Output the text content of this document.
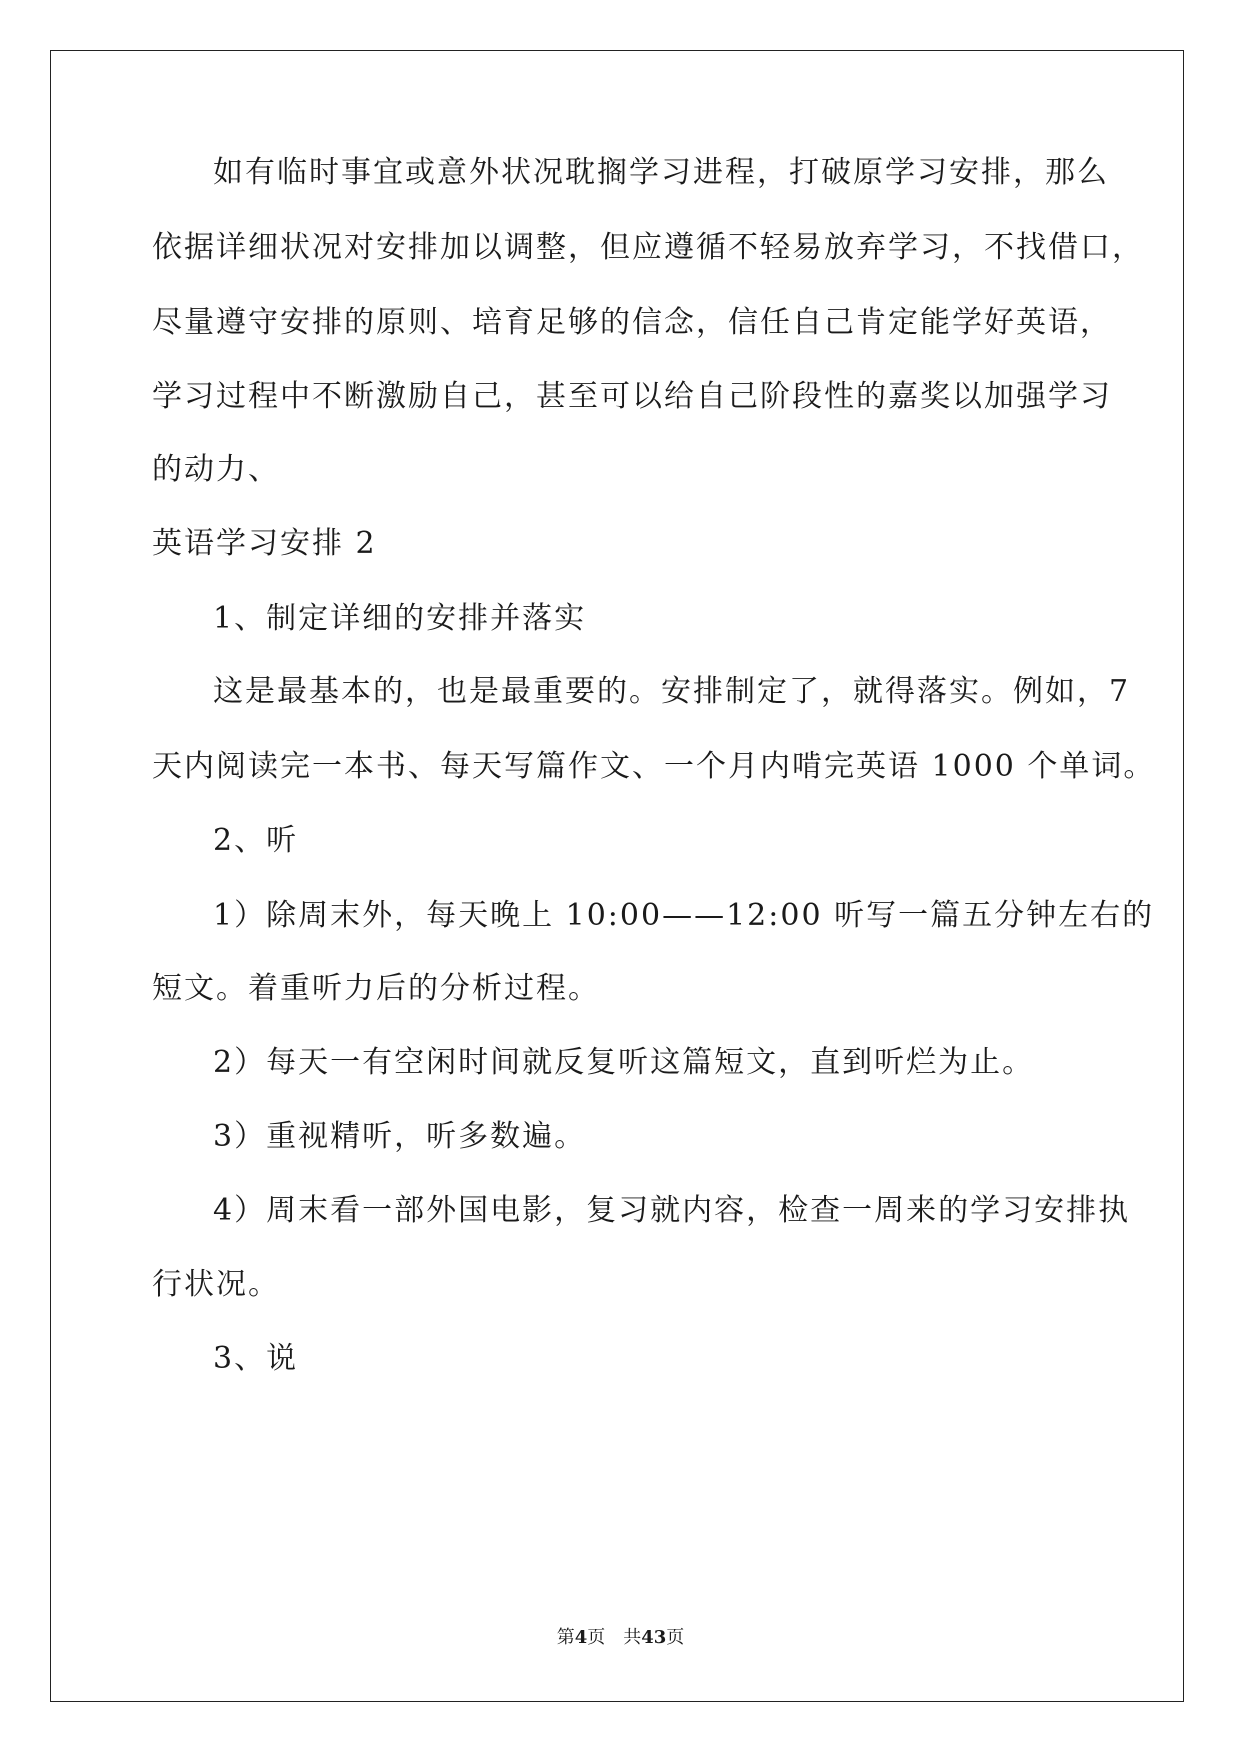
如有临时事宜或意外状况耽搁学习进程，打破原学习安排，那么
依据详细状况对安排加以调整，但应遵循不轻易放弃学习，不找借口，
尽量遵守安排的原则、培育足够的信念，信任自己肯定能学好英语，
学习过程中不断激励自己，甚至可以给自己阶段性的嘉奖以加强学习
的动力、
英语学习安排 2
1、制定详细的安排并落实
这是最基本的，也是最重要的。安排制定了，就得落实。例如，7
天内阅读完一本书、每天写篇作文、一个月内啃完英语 1000 个单词。
2、听
1）除周末外，每天晚上 10:00——12:00 听写一篇五分钟左右的
短文。着重听力后的分析过程。
2）每天一有空闲时间就反复听这篇短文，直到听烂为止。
3）重视精听，听多数遍。
4）周末看一部外国电影，复习就内容，检查一周来的学习安排执
行状况。
3、说
第4页 共43页
